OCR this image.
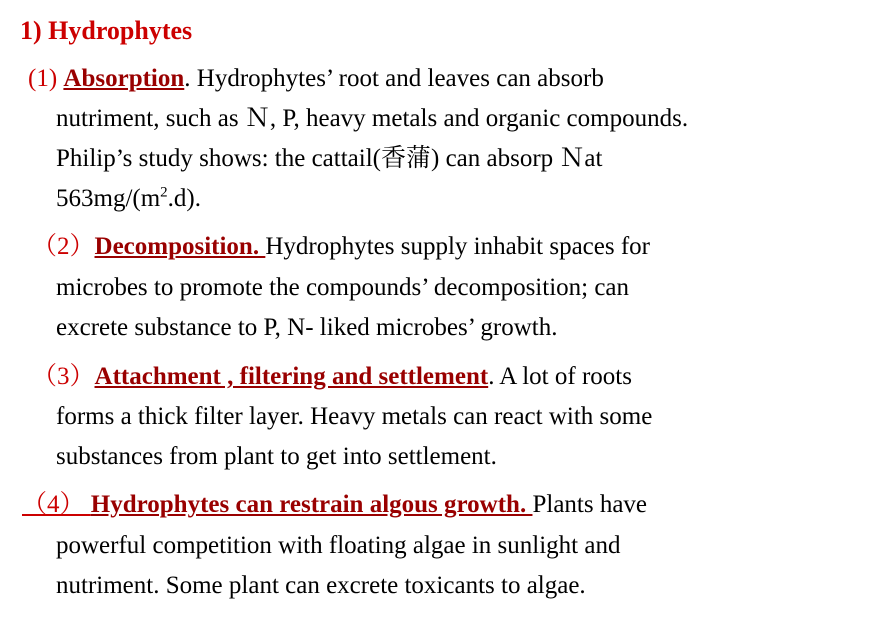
1) Hydrophytes
(1) Absorption. Hydrophytes’ root and leaves can absorb
nutriment, such as Ｎ, P, heavy metals and organic compounds.
Philip’s study shows: the cattail(香蒲) can absorp Ｎat
$563mg/(m^2.d)$.
（2）Decomposition. Hydrophytes supply inhabit spaces for
microbes to promote the compounds’ decomposition; can
excrete substance to P, N- liked microbes’ growth.
（3）Attachment , filtering and settlement. A lot of roots
forms a thick filter layer. Heavy metals can react with some
substances from plant to get into settlement.
（4） Hydrophytes can restrain algous growth. Plants have
powerful competition with floating algae in sunlight and
nutriment. Some plant can excrete toxicants to algae.
